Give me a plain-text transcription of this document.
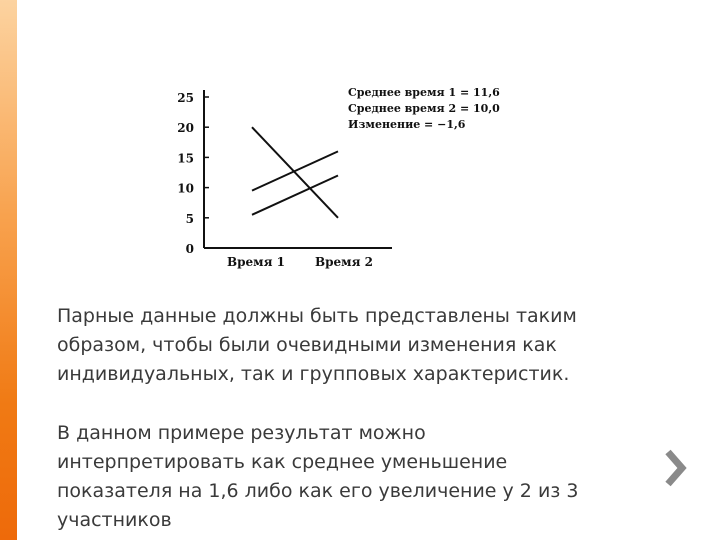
0
5
10
15
20
25
Время 1	Время 2
Среднее время 1 = 11,6
Среднее время 2 = 10,0
Изменение = −1,6

Парные данные должны быть представлены таким образом, чтобы были очевидными изменения как индивидуальных, так и групповых характеристик.

В данном примере результат можно интерпретировать как среднее уменьшение показателя на 1,6 либо как его увеличение у 2 из 3 участников
